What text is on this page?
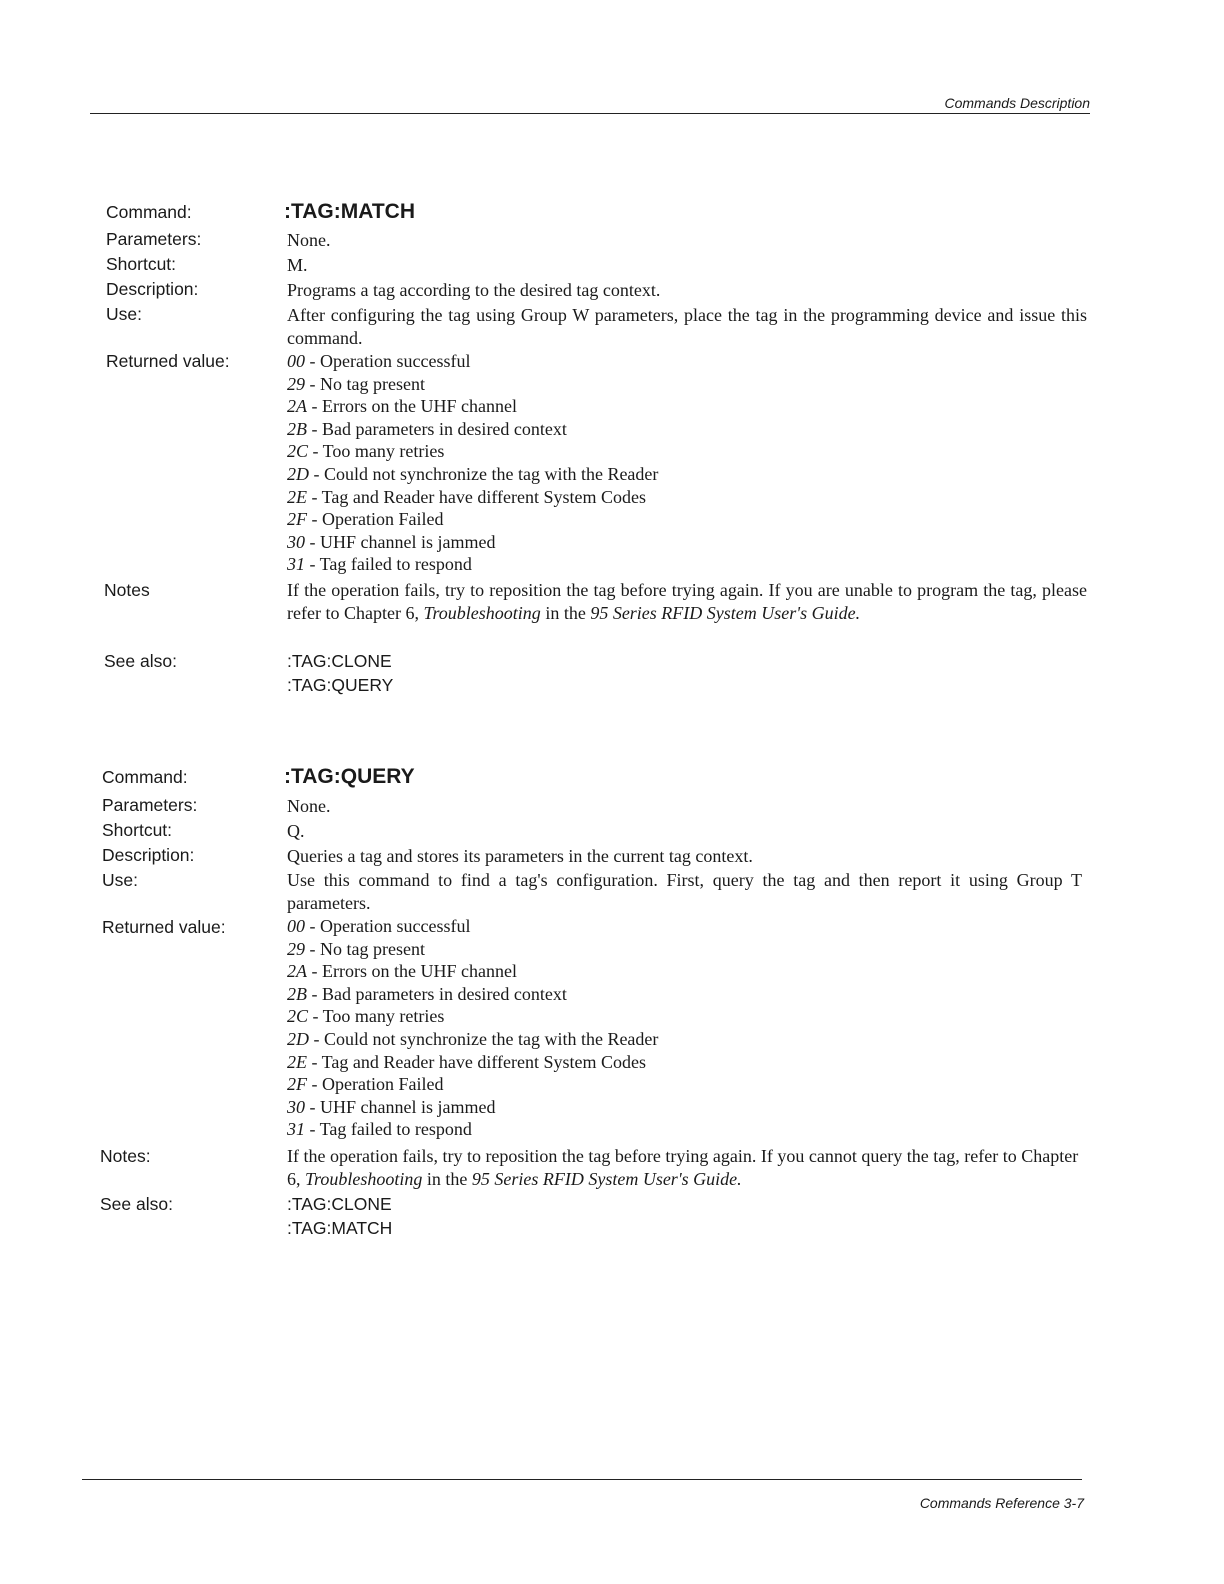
Commands Description
Command:	:TAG:MATCH
Parameters:	None.
Shortcut:	M.
Description:	Programs a tag according to the desired tag context.
Use:	After configuring the tag using Group W parameters, place the tag in the programming device and issue this command.
Returned value:	00 - Operation successful
29 - No tag present
2A - Errors on the UHF channel
2B - Bad parameters in desired context
2C - Too many retries
2D - Could not synchronize the tag with the Reader
2E - Tag and Reader have different System Codes
2F - Operation Failed
30 - UHF channel is jammed
31 - Tag failed to respond
Notes	If the operation fails, try to reposition the tag before trying again. If you are unable to program the tag, please refer to Chapter 6, Troubleshooting in the 95 Series RFID System User's Guide.
See also:	:TAG:CLONE
:TAG:QUERY
Command:	:TAG:QUERY
Parameters:	None.
Shortcut:	Q.
Description:	Queries a tag and stores its parameters in the current tag context.
Use:	Use this command to find a tag's configuration. First, query the tag and then report it using Group T parameters.
Returned value:	00 - Operation successful
29 - No tag present
2A - Errors on the UHF channel
2B - Bad parameters in desired context
2C - Too many retries
2D - Could not synchronize the tag with the Reader
2E - Tag and Reader have different System Codes
2F - Operation Failed
30 - UHF channel is jammed
31 - Tag failed to respond
Notes:	If the operation fails, try to reposition the tag before trying again. If you cannot query the tag, refer to Chapter 6, Troubleshooting in the 95 Series RFID System User's Guide.
See also:	:TAG:CLONE
:TAG:MATCH
Commands Reference 3-7
